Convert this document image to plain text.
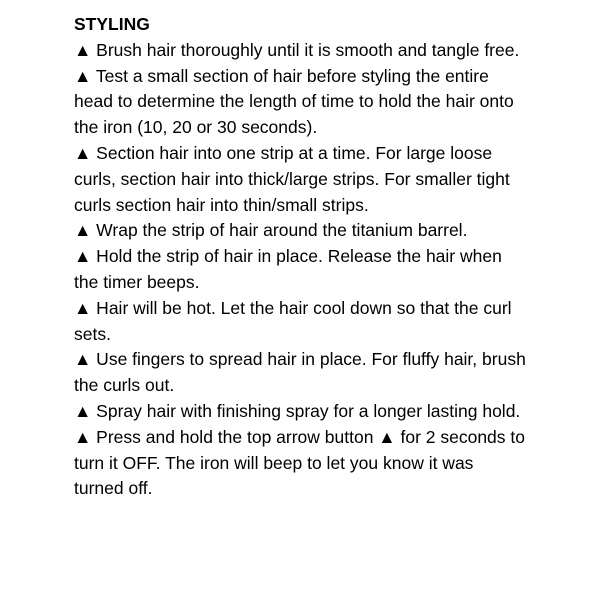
STYLING

▲ Brush hair thoroughly until it is smooth and tangle free.
▲ Test a small section of hair before styling the entire head to determine the length of time to hold the hair onto the iron (10, 20 or 30 seconds).
▲ Section hair into one strip at a time. For large loose curls, section hair into thick/large strips. For smaller tight curls section hair into thin/small strips.
▲ Wrap the strip of hair around the titanium barrel.
▲ Hold the strip of hair in place. Release the hair when the timer beeps.
▲ Hair will be hot. Let the hair cool down so that the curl sets.
▲ Use fingers to spread hair in place. For fluffy hair, brush the curls out.
▲ Spray hair with finishing spray for a longer lasting hold.
▲ Press and hold the top arrow button ▲ for 2 seconds to turn it OFF. The iron will beep to let you know it was turned off.
